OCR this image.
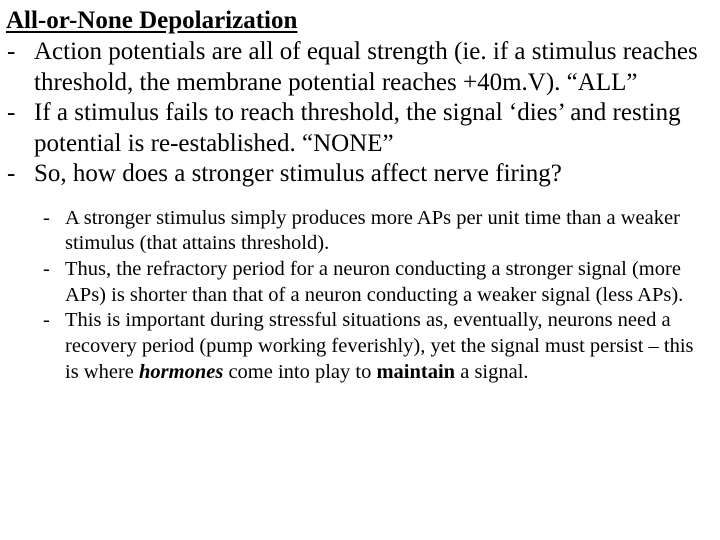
All-or-None Depolarization
- Action potentials are all of equal strength (ie. if a stimulus reaches threshold, the membrane potential reaches +40m.V). “ALL”
- If a stimulus fails to reach threshold, the signal ‘dies’ and resting potential is re-established. “NONE”
- So, how does a stronger stimulus affect nerve firing?
- A stronger stimulus simply produces more APs per unit time than a weaker stimulus (that attains threshold).
- Thus, the refractory period for a neuron conducting a stronger signal (more APs) is shorter than that of a neuron conducting a weaker signal (less APs).
- This is important during stressful situations as, eventually, neurons need a recovery period (pump working feverishly), yet the signal must persist – this is where hormones come into play to maintain a signal.
